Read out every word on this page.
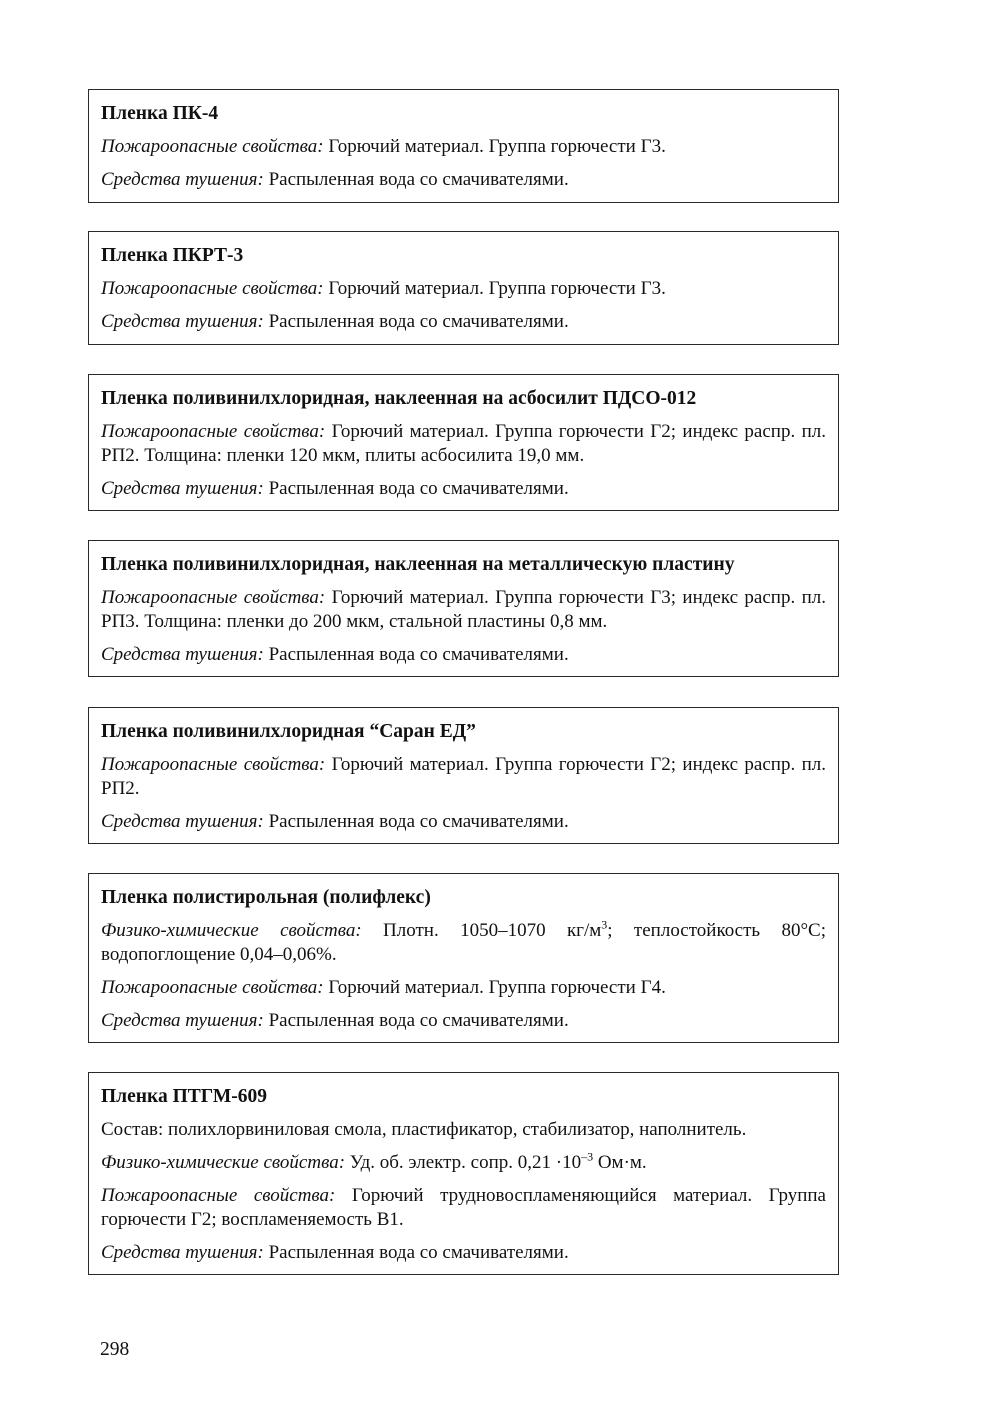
Пленка ПК-4
Пожароопасные свойства: Горючий материал. Группа горючести Г3.
Средства тушения: Распыленная вода со смачивателями.
Пленка ПКРТ-3
Пожароопасные свойства: Горючий материал. Группа горючести Г3.
Средства тушения: Распыленная вода со смачивателями.
Пленка поливинилхлоридная, наклеенная на асбосилит ПДСО-012
Пожароопасные свойства: Горючий материал. Группа горючести Г2; индекс распр. пл. РП2. Толщина: пленки 120 мкм, плиты асбосилита 19,0 мм.
Средства тушения: Распыленная вода со смачивателями.
Пленка поливинилхлоридная, наклеенная на металлическую пластину
Пожароопасные свойства: Горючий материал. Группа горючести Г3; индекс распр. пл. РП3. Толщина: пленки до 200 мкм, стальной пластины 0,8 мм.
Средства тушения: Распыленная вода со смачивателями.
Пленка поливинилхлоридная “Саран ЕД”
Пожароопасные свойства: Горючий материал. Группа горючести Г2; индекс распр. пл. РП2.
Средства тушения: Распыленная вода со смачивателями.
Пленка полистирольная (полифлекс)
Физико-химические свойства: Плотн. 1050–1070 $кг/м^3$; теплостойкость 80°С; водопоглощение 0,04–0,06%.
Пожароопасные свойства: Горючий материал. Группа горючести Г4.
Средства тушения: Распыленная вода со смачивателями.
Пленка ПТГМ-609
Состав: полихлорвиниловая смола, пластификатор, стабилизатор, наполнитель.
Физико-химические свойства: Уд. об. электр. сопр. $0,21 \cdot 10^{-3}$ Ом·м.
Пожароопасные свойства: Горючий трудновоспламеняющийся материал. Группа горючести Г2; воспламеняемость В1.
Средства тушения: Распыленная вода со смачивателями.
298
